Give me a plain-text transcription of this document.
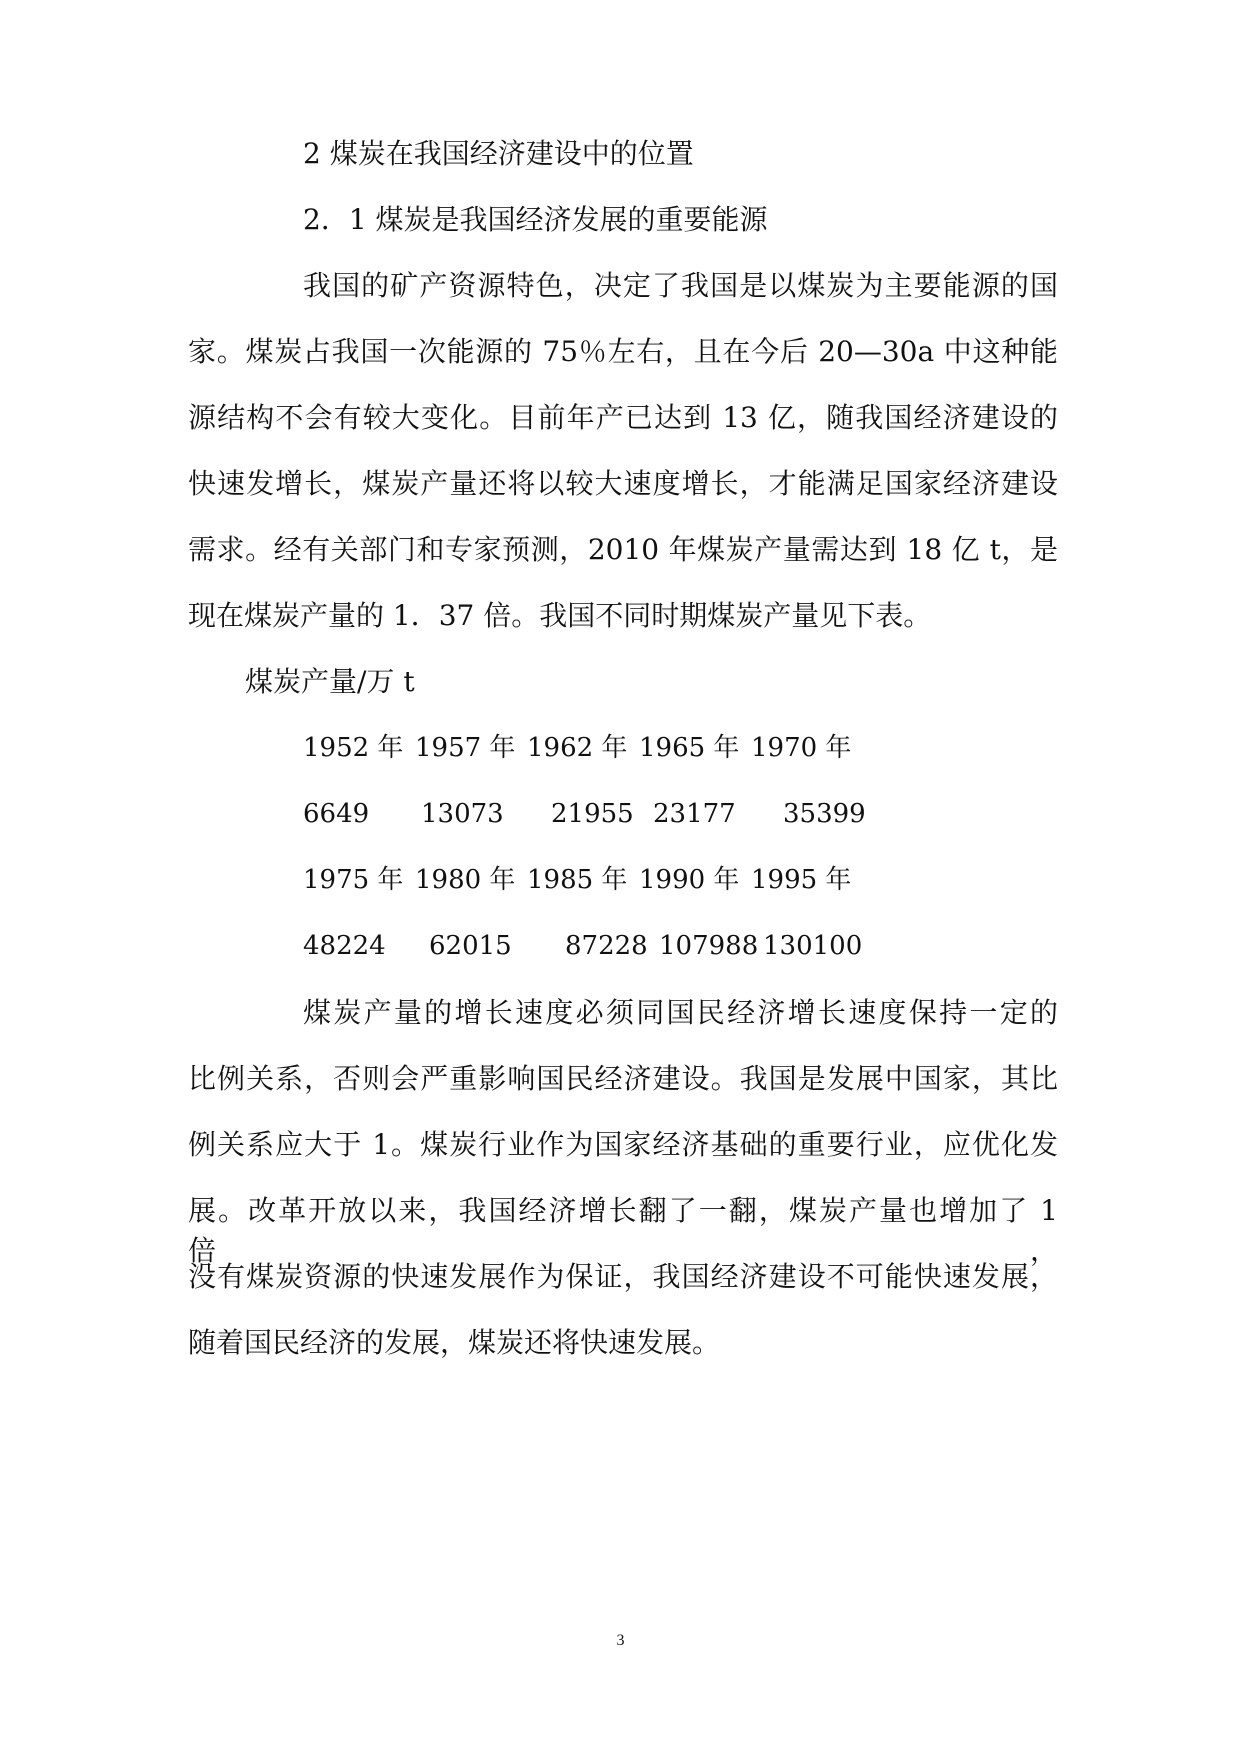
2 煤炭在我国经济建设中的位置
2．1 煤炭是我国经济发展的重要能源
我国的矿产资源特色，决定了我国是以煤炭为主要能源的国
家。煤炭占我国一次能源的 75％左右，且在今后 20—30a 中这种能
源结构不会有较大变化。目前年产已达到 13 亿，随我国经济建设的
快速发增长，煤炭产量还将以较大速度增长，才能满足国家经济建设
需求。经有关部门和专家预测，2010 年煤炭产量需达到 18 亿 t，是
现在煤炭产量的 1．37 倍。我国不同时期煤炭产量见下表。
煤炭产量/万 t
1952 年 1957 年 1962 年 1965 年 1970 年
6649 13073 21955 23177 35399
1975 年 1980 年 1985 年 1990 年 1995 年
48224 62015 87228 107988 130100
煤炭产量的增长速度必须同国民经济增长速度保持一定的
比例关系，否则会严重影响国民经济建设。我国是发展中国家，其比
例关系应大于 1。煤炭行业作为国家经济基础的重要行业，应优化发
展。改革开放以来，我国经济增长翻了一翻，煤炭产量也增加了 1 倍，
没有煤炭资源的快速发展作为保证，我国经济建设不可能快速发展，
随着国民经济的发展，煤炭还将快速发展。
3
